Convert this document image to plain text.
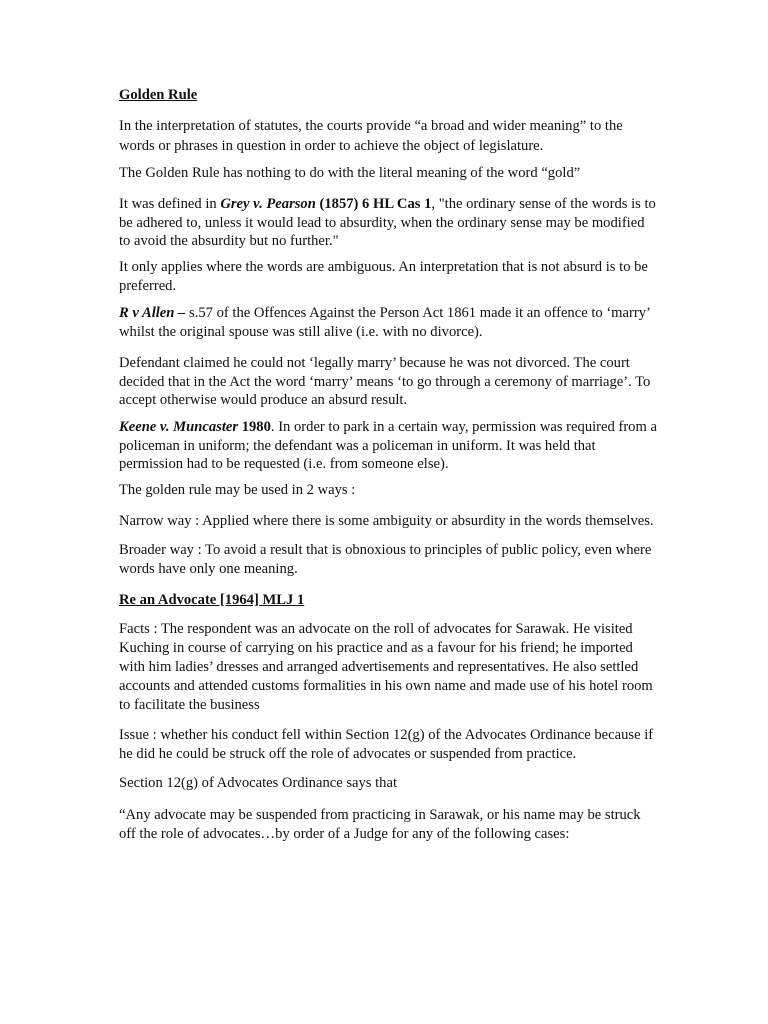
Golden Rule

In the interpretation of statutes, the courts provide “a broad and wider meaning” to the words or phrases in question in order to achieve the object of legislature.

The Golden Rule has nothing to do with the literal meaning of the word “gold”

It was defined in Grey v. Pearson (1857) 6 HL Cas 1, "the ordinary sense of the words is to be adhered to, unless it would lead to absurdity, when the ordinary sense may be modified to avoid the absurdity but no further."

It only applies where the words are ambiguous. An interpretation that is not absurd is to be preferred.

R v Allen – s.57 of the Offences Against the Person Act 1861 made it an offence to ‘marry’ whilst the original spouse was still alive (i.e. with no divorce).

Defendant claimed he could not ‘legally marry’ because he was not divorced. The court decided that in the Act the word ‘marry’ means ‘to go through a ceremony of marriage’. To accept otherwise would produce an absurd result.

Keene v. Muncaster 1980. In order to park in a certain way, permission was required from a policeman in uniform; the defendant was a policeman in uniform. It was held that permission had to be requested (i.e. from someone else).

The golden rule may be used in 2 ways :

Narrow way : Applied where there is some ambiguity or absurdity in the words themselves.

Broader way : To avoid a result that is obnoxious to principles of public policy, even where words have only one meaning.

Re an Advocate [1964] MLJ 1

Facts : The respondent was an advocate on the roll of advocates for Sarawak. He visited Kuching in course of carrying on his practice and as a favour for his friend; he imported with him ladies’ dresses and arranged advertisements and representatives. He also settled accounts and attended customs formalities in his own name and made use of his hotel room to facilitate the business

Issue : whether his conduct fell within Section 12(g) of the Advocates Ordinance because if he did he could be struck off the role of advocates or suspended from practice.

Section 12(g) of Advocates Ordinance says that

“Any advocate may be suspended from practicing in Sarawak, or his name may be struck off the role of advocates…by order of a Judge for any of the following cases:
